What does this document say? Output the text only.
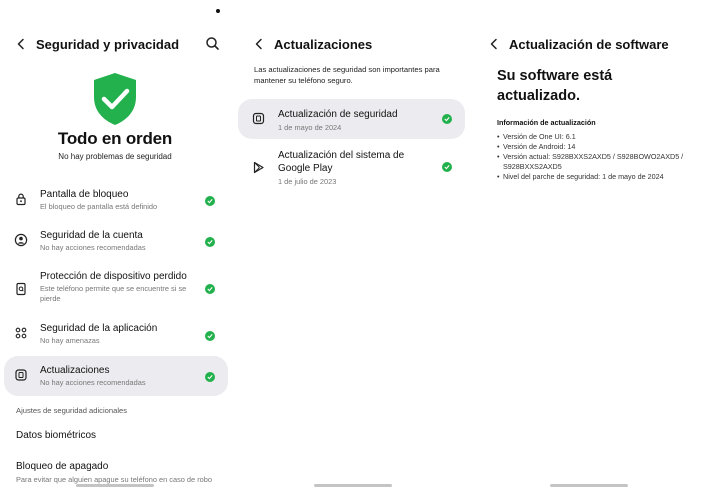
Seguridad y privacidad
Todo en orden
No hay problemas de seguridad
Pantalla de bloqueo
El bloqueo de pantalla está definido
Seguridad de la cuenta
No hay acciones recomendadas
Protección de dispositivo perdido
Este teléfono permite que se encuentre si se pierde
Seguridad de la aplicación
No hay amenazas
Actualizaciones
No hay acciones recomendadas
Ajustes de seguridad adicionales
Datos biométricos
Bloqueo de apagado
Para evitar que alguien apague su teléfono en caso de robo
Actualizaciones
Las actualizaciones de seguridad son importantes para mantener su teléfono seguro.
Actualización de seguridad
1 de mayo de 2024
Actualización del sistema de Google Play
1 de julio de 2023
Actualización de software
Su software está actualizado.
Información de actualización
• Versión de One UI: 6.1
• Versión de Android: 14
• Versión actual: S928BXXS2AXD5 / S928BOWO2AXD5 / S928BXXS2AXD5
• Nivel del parche de seguridad: 1 de mayo de 2024
